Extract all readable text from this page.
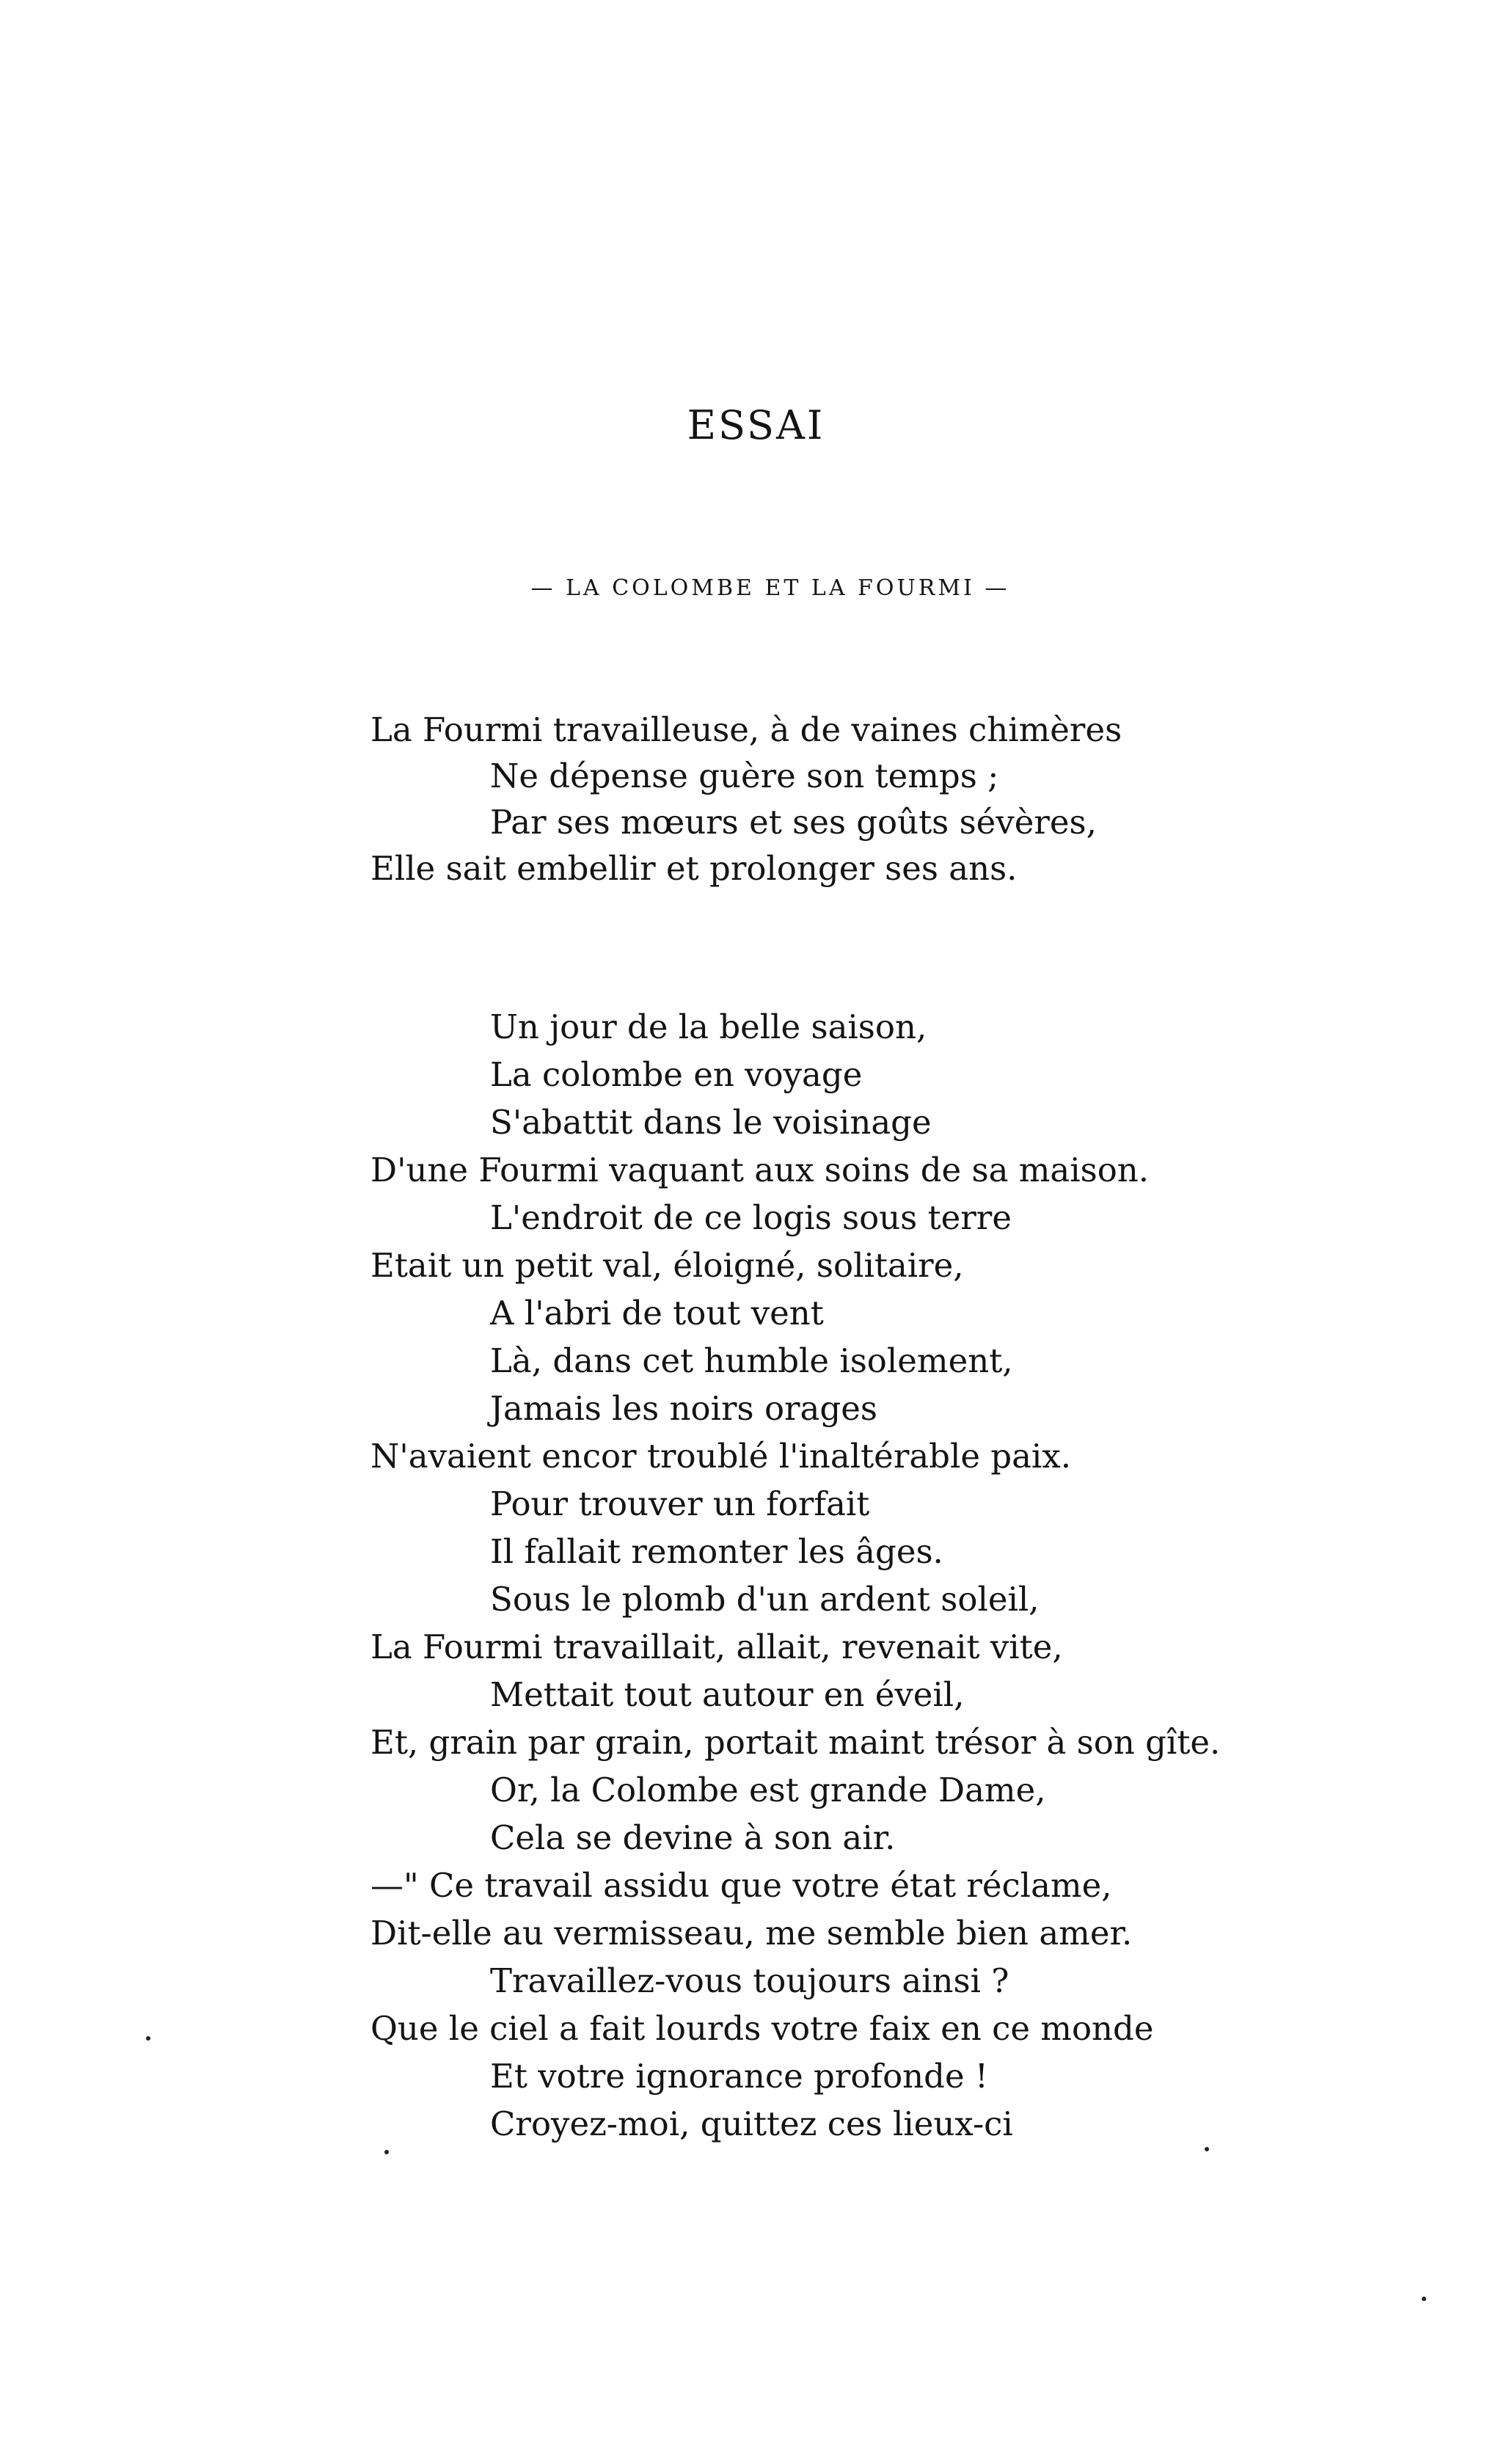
ESSAI
— LA COLOMBE ET LA FOURMI —
La Fourmi travailleuse, à de vaines chimères
Ne dépense guère son temps ;
Par ses mœurs et ses goûts sévères,
Elle sait embellir et prolonger ses ans.
Un jour de la belle saison,
La colombe en voyage
S'abattit dans le voisinage
D'une Fourmi vaquant aux soins de sa maison.
L'endroit de ce logis sous terre
Etait un petit val, éloigné, solitaire,
A l'abri de tout vent
Là, dans cet humble isolement,
Jamais les noirs orages
N'avaient encor troublé l'inaltérable paix.
Pour trouver un forfait
Il fallait remonter les âges.
Sous le plomb d'un ardent soleil,
La Fourmi travaillait, allait, revenait vite,
Mettait tout autour en éveil,
Et, grain par grain, portait maint trésor à son gîte.
Or, la Colombe est grande Dame,
Cela se devine à son air.
—" Ce travail assidu que votre état réclame,
Dit-elle au vermisseau, me semble bien amer.
Travaillez-vous toujours ainsi ?
Que le ciel a fait lourds votre faix en ce monde
Et votre ignorance profonde !
Croyez-moi, quittez ces lieux-ci
